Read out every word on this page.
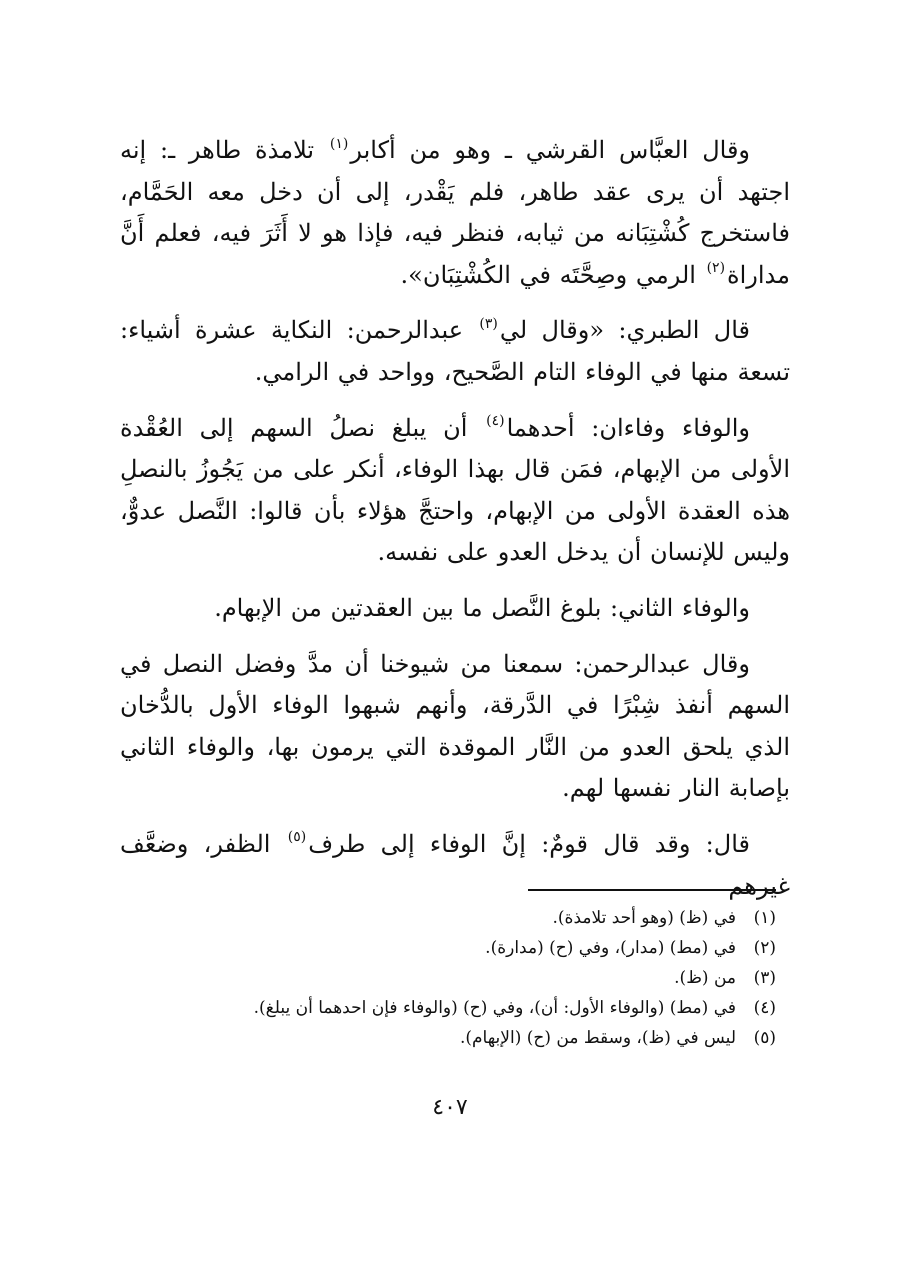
وقال العبَّاس القرشي ـ وهو من أكابر$^{(١)}$ تلامذة طاهر ـ: إنه اجتهد أن يرى عقد طاهر، فلم يَقْدر، إلى أن دخل معه الحَمَّام، فاستخرج كُشْتِبَانه من ثيابه، فنظر فيه، فإذا هو لا أَثَرَ فيه، فعلم أَنَّ مداراة$^{(٢)}$ الرمي وصِحَّتَه في الكُشْتِبَان».

قال الطبري: «وقال لي$^{(٣)}$ عبدالرحمن: النكاية عشرة أشياء: تسعة منها في الوفاء التام الصَّحيح، وواحد في الرامي.

والوفاء وفاءان: أحدهما$^{(٤)}$ أن يبلغ نصلُ السهم إلى العُقْدة الأولى من الإبهام، فمَن قال بهذا الوفاء، أنكر على من يَجُوزُ بالنصلِ هذه العقدة الأولى من الإبهام، واحتجَّ هؤلاء بأن قالوا: النَّصل عدوٌّ، وليس للإنسان أن يدخل العدو على نفسه.

والوفاء الثاني: بلوغ النَّصل ما بين العقدتين من الإبهام.

وقال عبدالرحمن: سمعنا من شيوخنا أن مدَّ وفضل النصل في السهم أنفذ شِبْرًا في الدَّرقة، وأنهم شبهوا الوفاء الأول بالدُّخان الذي يلحق العدو من النَّار الموقدة التي يرمون بها، والوفاء الثاني بإصابة النار نفسها لهم.

قال: وقد قال قومٌ: إنَّ الوفاء إلى طرف$^{(٥)}$ الظفر، وضعَّف غيرهم

(١)في (ظ) (وهو أحد تلامذة).
(٢)في (مط) (مدار)، وفي (ح) (مدارة).
(٣)من (ظ).
(٤)في (مط) (والوفاء الأول: أن)، وفي (ح) (والوفاء فإن احدهما أن يبلغ).
(٥)ليس في (ظ)، وسقط من (ح) (الإبهام).
٤٠٧
